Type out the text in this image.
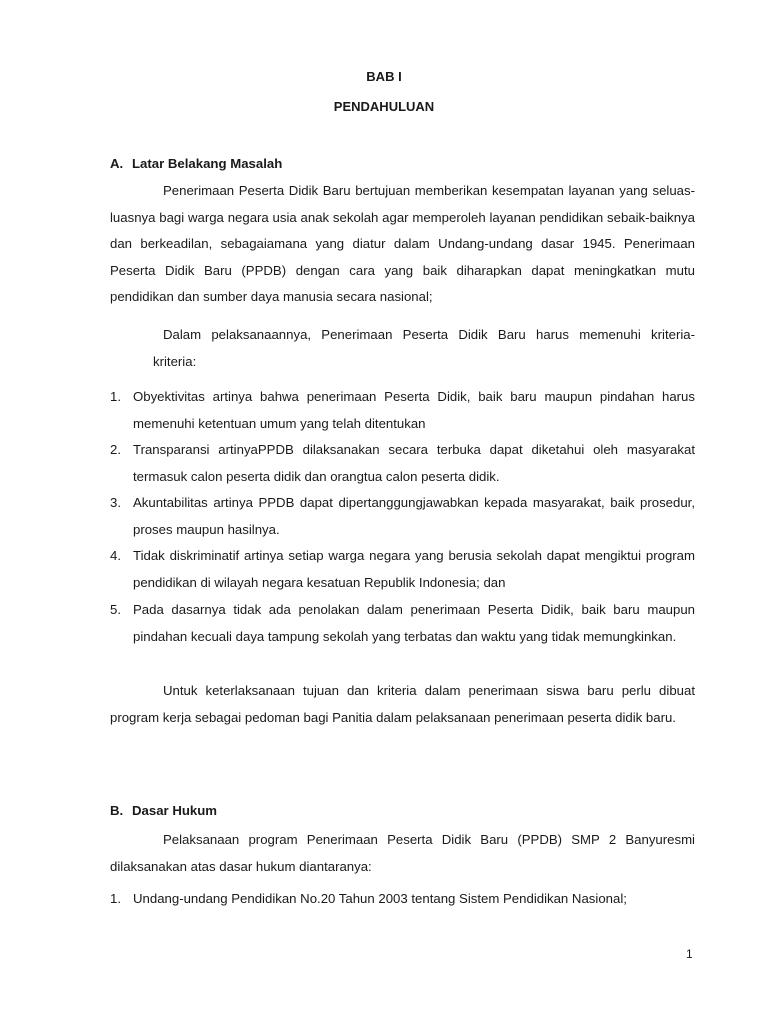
BAB I
PENDAHULUAN
A. Latar Belakang Masalah

Penerimaan Peserta Didik Baru bertujuan memberikan kesempatan layanan yang seluas-luasnya bagi warga negara usia anak sekolah agar memperoleh layanan pendidikan sebaik-baiknya dan berkeadilan, sebagaiamana yang diatur dalam Undang-undang dasar 1945. Penerimaan Peserta Didik Baru (PPDB) dengan cara yang baik diharapkan dapat meningkatkan mutu pendidikan dan sumber daya manusia secara nasional;

Dalam pelaksanaannya, Penerimaan Peserta Didik Baru harus memenuhi kriteria-
kriteria:
1. Obyektivitas artinya bahwa penerimaan Peserta Didik, baik baru maupun pindahan harus memenuhi ketentuan umum yang telah ditentukan
2. Transparansi artinyaPPDB dilaksanakan secara terbuka dapat diketahui oleh masyarakat termasuk calon peserta didik dan orangtua calon peserta didik.
3. Akuntabilitas artinya PPDB dapat dipertanggungjawabkan kepada masyarakat, baik prosedur, proses maupun hasilnya.
4. Tidak diskriminatif artinya setiap warga negara yang berusia sekolah dapat mengiktui program pendidikan di wilayah negara kesatuan Republik Indonesia; dan
5. Pada dasarnya tidak ada penolakan dalam penerimaan Peserta Didik, baik baru maupun pindahan kecuali daya tampung sekolah yang terbatas dan waktu yang tidak memungkinkan.

Untuk keterlaksanaan tujuan dan kriteria dalam penerimaan siswa baru perlu dibuat program kerja sebagai pedoman bagi Panitia dalam pelaksanaan penerimaan peserta didik baru.

B. Dasar Hukum

Pelaksanaan program Penerimaan Peserta Didik Baru (PPDB) SMP 2 Banyuresmi dilaksanakan atas dasar hukum diantaranya:

1. Undang-undang Pendidikan No.20 Tahun 2003 tentang Sistem Pendidikan Nasional;
1
